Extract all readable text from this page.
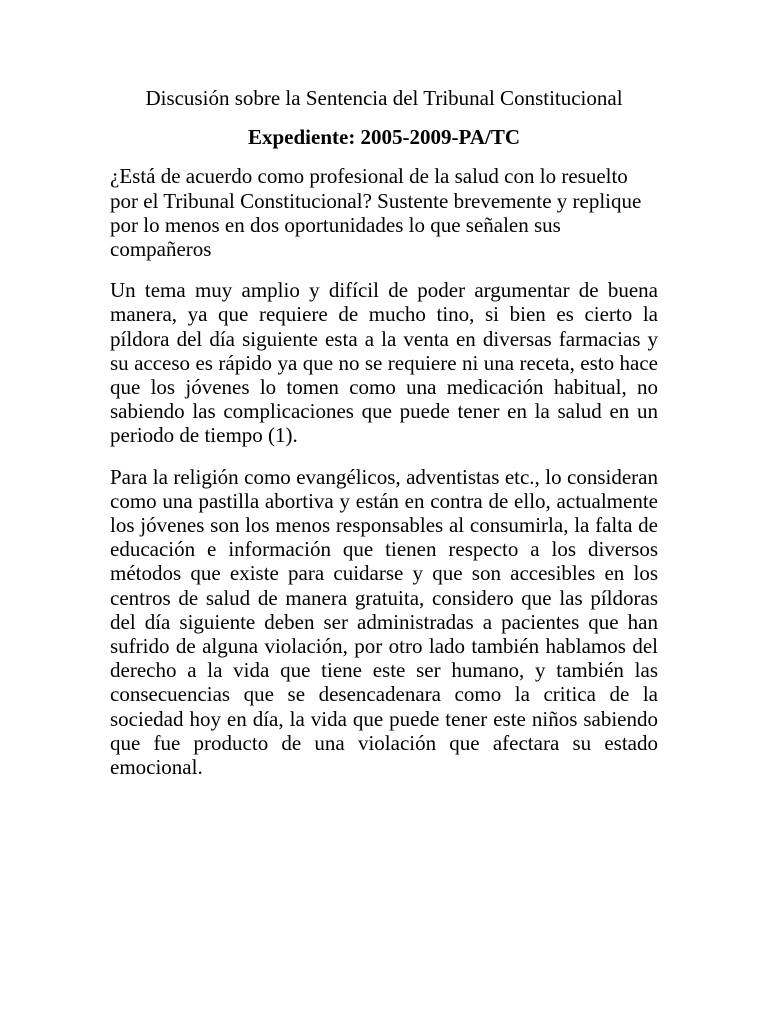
Discusión sobre la Sentencia del Tribunal Constitucional
Expediente: 2005-2009-PA/TC

¿Está de acuerdo como profesional de la salud con lo resuelto por el Tribunal Constitucional? Sustente brevemente y replique por lo menos en dos oportunidades lo que señalen sus compañeros

Un tema muy amplio y difícil de poder argumentar de buena manera, ya que requiere de mucho tino, si bien es cierto la píldora del día siguiente esta a la venta en diversas farmacias y su acceso es rápido ya que no se requiere ni una receta, esto hace que los jóvenes lo tomen como una medicación habitual, no sabiendo las complicaciones que puede tener en la salud en un periodo de tiempo (1).

Para la religión como evangélicos, adventistas etc., lo consideran como una pastilla abortiva y están en contra de ello, actualmente los jóvenes son los menos responsables al consumirla, la falta de educación e información que tienen respecto a los diversos métodos que existe para cuidarse y que son accesibles en los centros de salud de manera gratuita, considero que las píldoras del día siguiente deben ser administradas a pacientes que han sufrido de alguna violación, por otro lado también hablamos del derecho a la vida que tiene este ser humano, y también las consecuencias que se desencadenara como la critica de la sociedad hoy en día, la vida que puede tener este niños sabiendo que fue producto de una violación que afectara su estado emocional.
